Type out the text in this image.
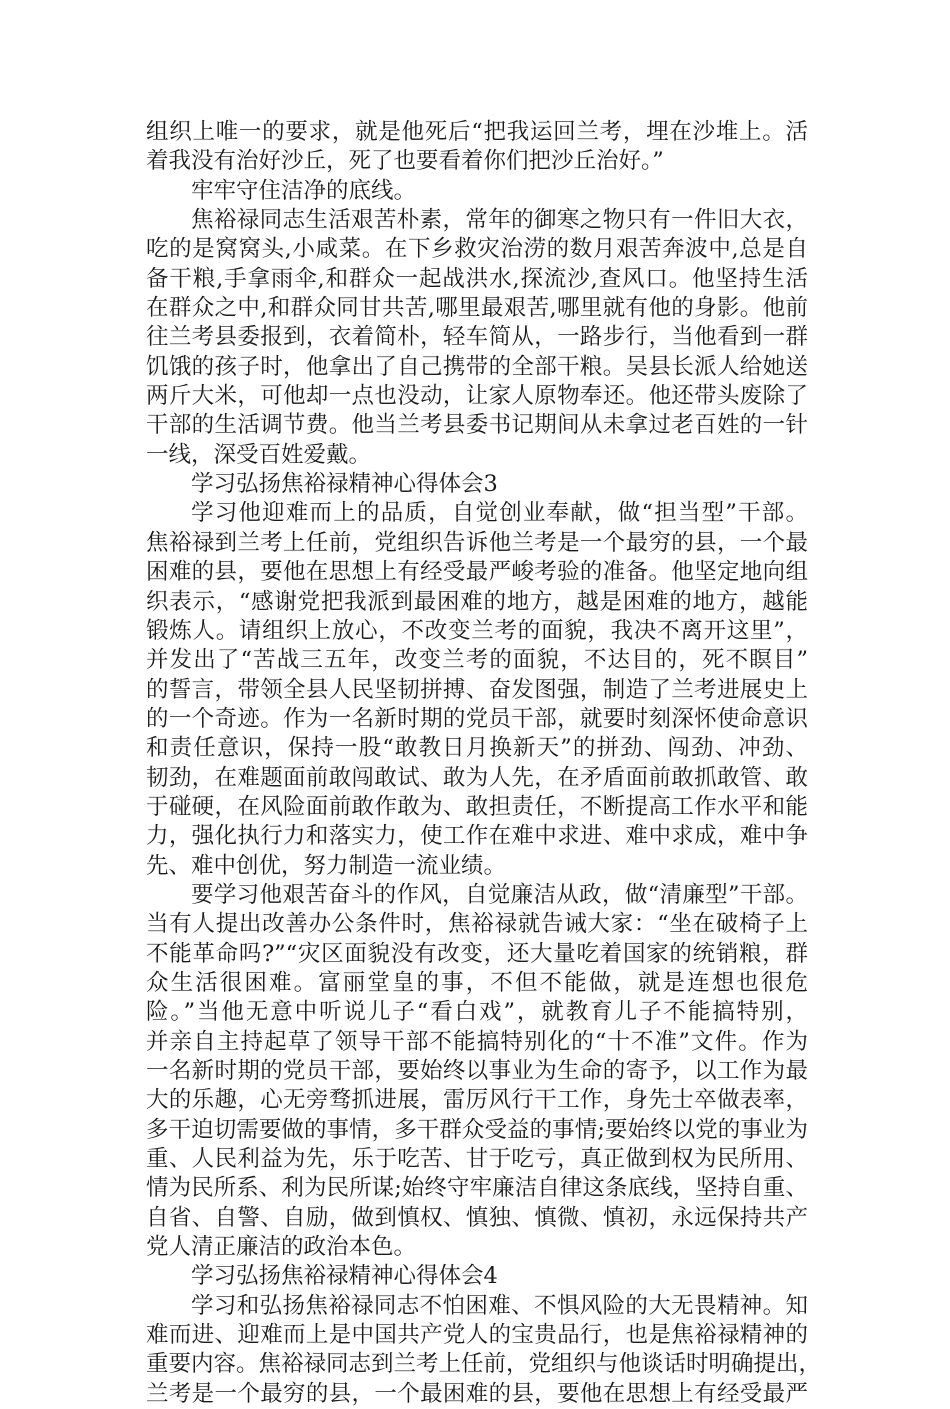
组织上唯一的要求，就是他死后“把我运回兰考，埋在沙堆上。活
着我没有治好沙丘，死了也要看着你们把沙丘治好。”
牢牢守住洁净的底线。
焦裕禄同志生活艰苦朴素，常年的御寒之物只有一件旧大衣，
吃的是窝窝头,小咸菜。在下乡救灾治涝的数月艰苦奔波中,总是自
备干粮,手拿雨伞,和群众一起战洪水,探流沙,查风口。他坚持生活
在群众之中,和群众同甘共苦,哪里最艰苦,哪里就有他的身影。他前
往兰考县委报到，衣着简朴，轻车简从，一路步行，当他看到一群
饥饿的孩子时，他拿出了自己携带的全部干粮。吴县长派人给她送
两斤大米，可他却一点也没动，让家人原物奉还。他还带头废除了
干部的生活调节费。他当兰考县委书记期间从未拿过老百姓的一针
一线，深受百姓爱戴。
学习弘扬焦裕禄精神心得体会3
学习他迎难而上的品质，自觉创业奉献，做“担当型”干部。
焦裕禄到兰考上任前，党组织告诉他兰考是一个最穷的县，一个最
困难的县，要他在思想上有经受最严峻考验的准备。他坚定地向组
织表示，“感谢党把我派到最困难的地方，越是困难的地方，越能
锻炼人。请组织上放心，不改变兰考的面貌，我决不离开这里”，
并发出了“苦战三五年，改变兰考的面貌，不达目的，死不瞑目”
的誓言，带领全县人民坚韧拼搏、奋发图强，制造了兰考进展史上
的一个奇迹。作为一名新时期的党员干部，就要时刻深怀使命意识
和责任意识，保持一股“敢教日月换新天”的拼劲、闯劲、冲劲、
韧劲，在难题面前敢闯敢试、敢为人先，在矛盾面前敢抓敢管、敢
于碰硬，在风险面前敢作敢为、敢担责任，不断提高工作水平和能
力，强化执行力和落实力，使工作在难中求进、难中求成，难中争
先、难中创优，努力制造一流业绩。
要学习他艰苦奋斗的作风，自觉廉洁从政，做“清廉型”干部。
当有人提出改善办公条件时，焦裕禄就告诫大家：“坐在破椅子上
不能革命吗?”“灾区面貌没有改变，还大量吃着国家的统销粮，群
众生活很困难。富丽堂皇的事，不但不能做，就是连想也很危
险。”当他无意中听说儿子“看白戏”，就教育儿子不能搞特别，
并亲自主持起草了领导干部不能搞特别化的“十不准”文件。作为
一名新时期的党员干部，要始终以事业为生命的寄予，以工作为最
大的乐趣，心无旁骛抓进展，雷厉风行干工作，身先士卒做表率，
多干迫切需要做的事情，多干群众受益的事情;要始终以党的事业为
重、人民利益为先，乐于吃苦、甘于吃亏，真正做到权为民所用、
情为民所系、利为民所谋;始终守牢廉洁自律这条底线，坚持自重、
自省、自警、自励，做到慎权、慎独、慎微、慎初，永远保持共产
党人清正廉洁的政治本色。
学习弘扬焦裕禄精神心得体会4
学习和弘扬焦裕禄同志不怕困难、不惧风险的大无畏精神。知
难而进、迎难而上是中国共产党人的宝贵品行，也是焦裕禄精神的
重要内容。焦裕禄同志到兰考上任前，党组织与他谈话时明确提出，
兰考是一个最穷的县，一个最困难的县，要他在思想上有经受最严
